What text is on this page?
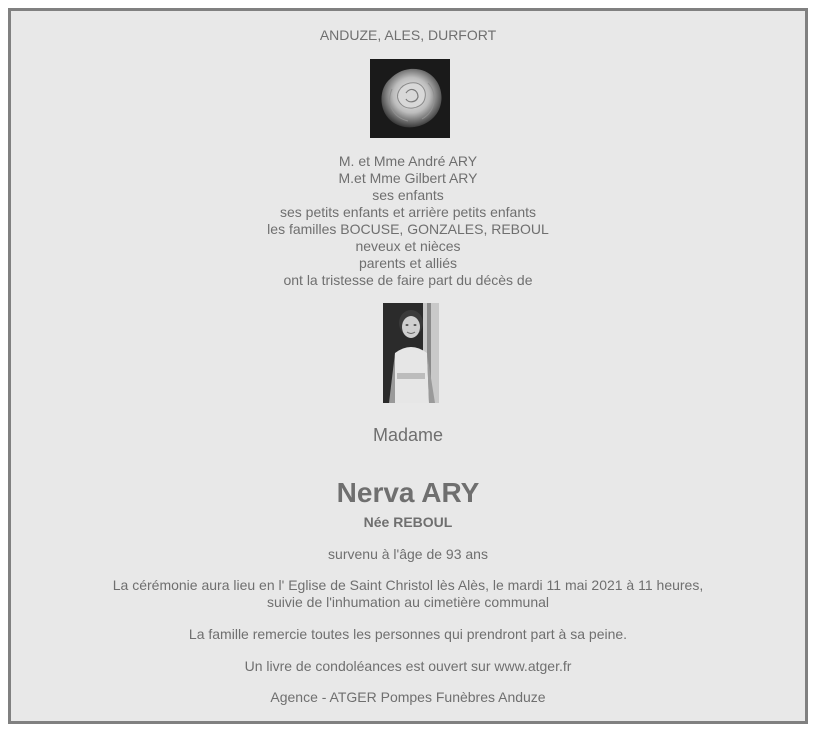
ANDUZE, ALES, DURFORT
M. et Mme André ARY
M.et Mme Gilbert ARY
ses enfants
ses petits enfants et arrière petits enfants
les familles BOCUSE, GONZALES, REBOUL
neveux et nièces
parents et alliés
ont la tristesse de faire part du décès de
Madame
Nerva ARY
Née REBOUL
survenu à l'âge de 93 ans
La cérémonie aura lieu en l' Eglise de Saint Christol lès Alès, le mardi 11 mai 2021 à 11 heures,
suivie de l'inhumation au cimetière communal
La famille remercie toutes les personnes qui prendront part à sa peine.
Un livre de condoléances est ouvert sur www.atger.fr
Agence - ATGER Pompes Funèbres Anduze
